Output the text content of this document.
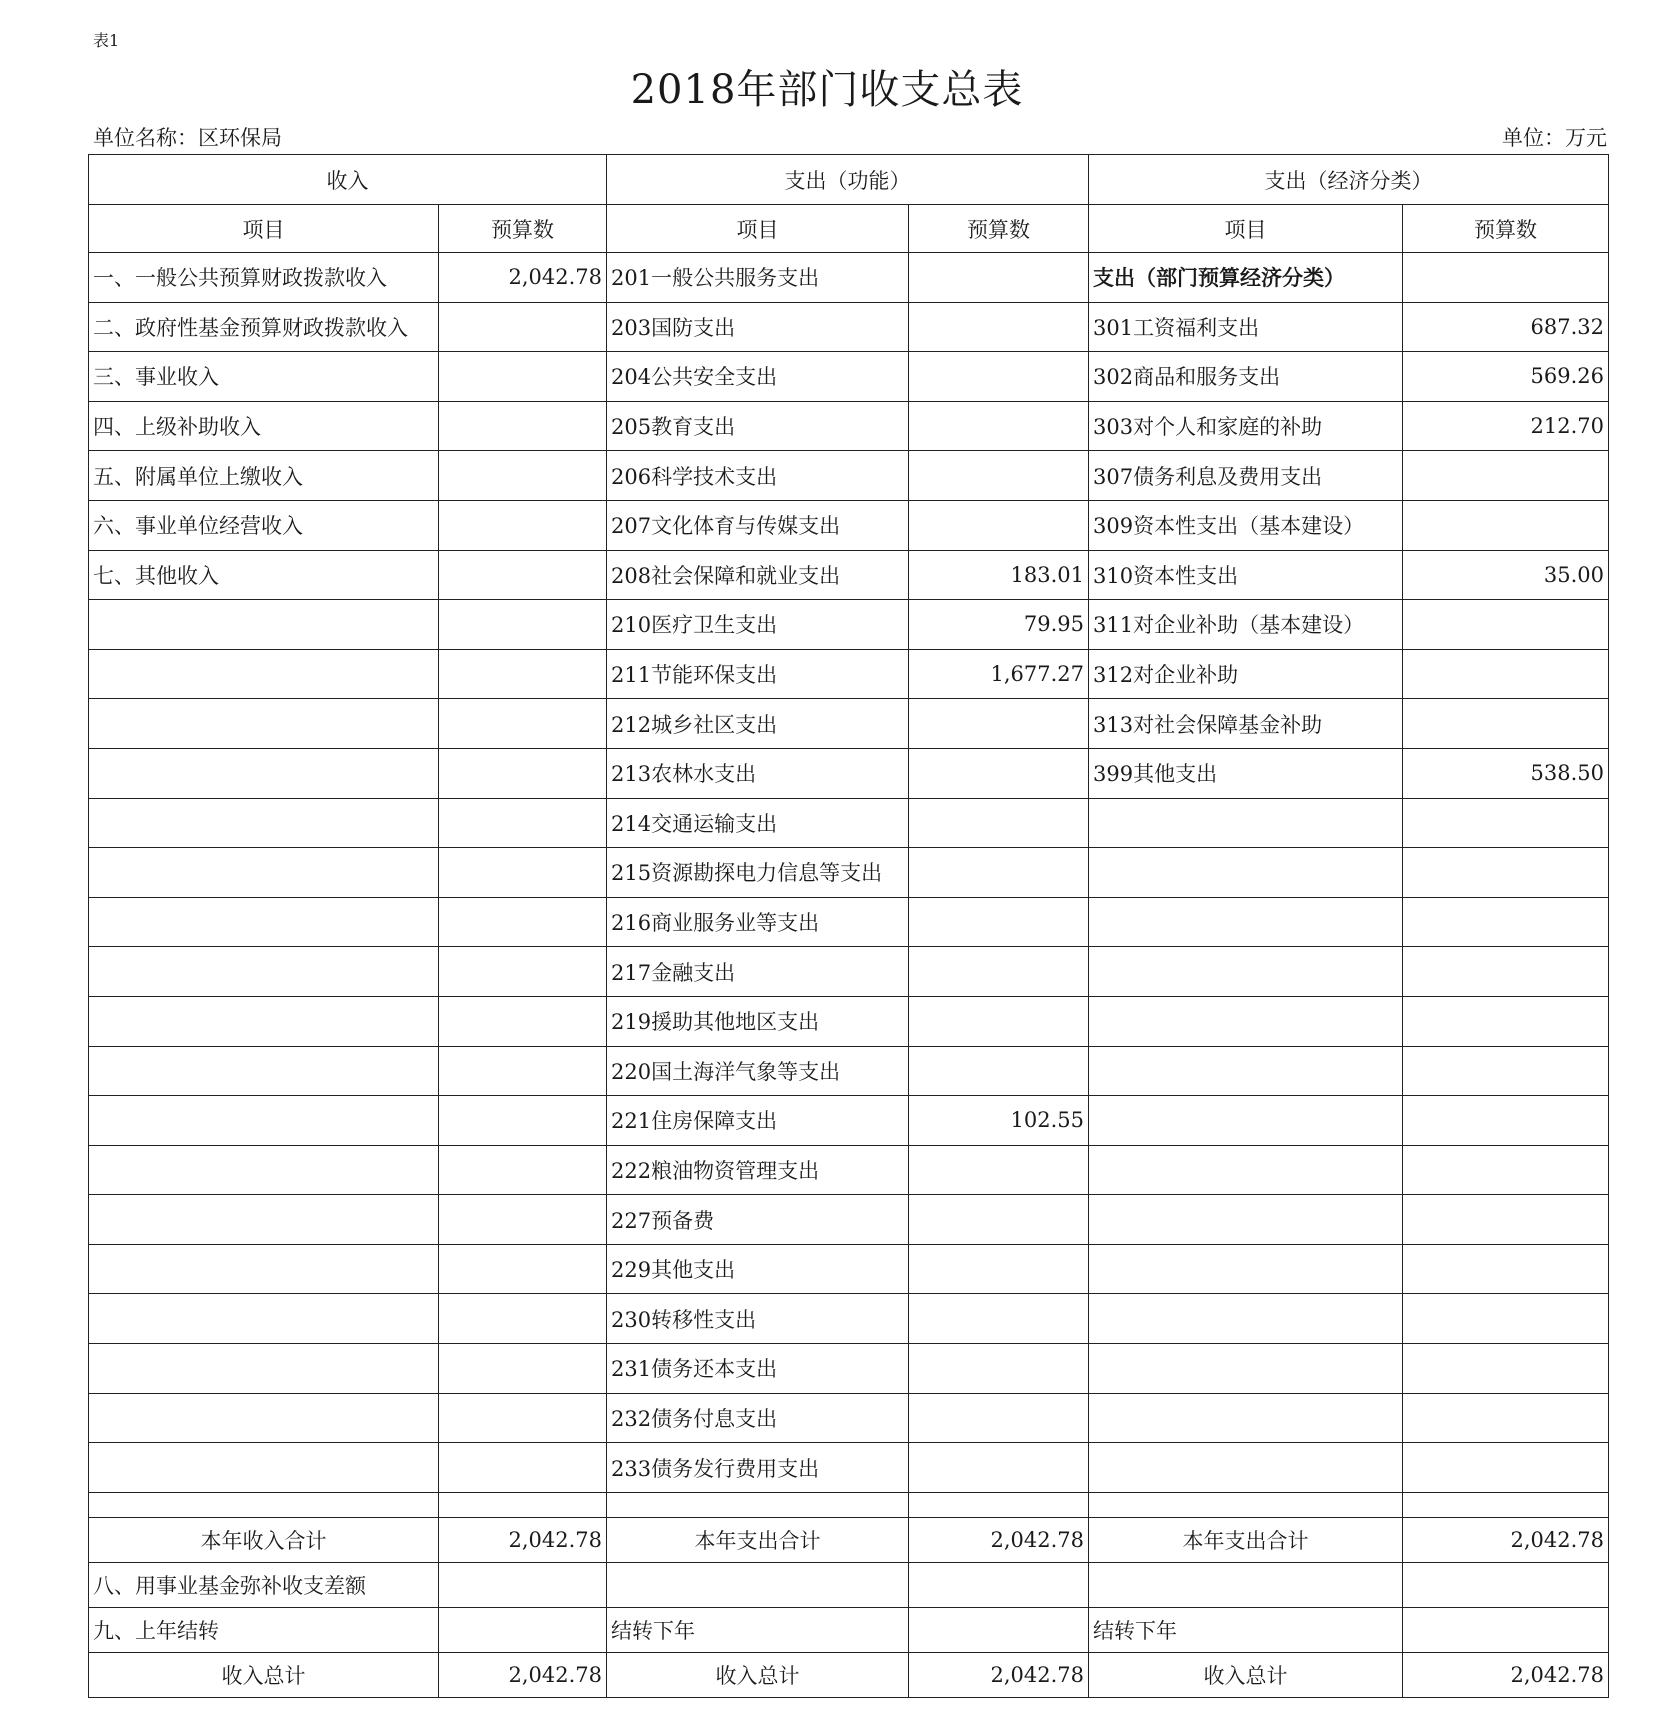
表1
2018年部门收支总表
单位名称：区环保局	单位：万元
收入		支出（功能）		支出（经济分类）	
项目	预算数	项目	预算数	项目	预算数
一、一般公共预算财政拨款收入	2,042.78	201一般公共服务支出		支出（部门预算经济分类）	
二、政府性基金预算财政拨款收入		203国防支出		301工资福利支出	687.32
三、事业收入		204公共安全支出		302商品和服务支出	569.26
四、上级补助收入		205教育支出		303对个人和家庭的补助	212.70
五、附属单位上缴收入		206科学技术支出		307债务利息及费用支出	
六、事业单位经营收入		207文化体育与传媒支出		309资本性支出（基本建设）	
七、其他收入		208社会保障和就业支出	183.01	310资本性支出	35.00
		210医疗卫生支出	79.95	311对企业补助（基本建设）	
		211节能环保支出	1,677.27	312对企业补助	
		212城乡社区支出		313对社会保障基金补助	
		213农林水支出		399其他支出	538.50
		214交通运输支出			
		215资源勘探电力信息等支出			
		216商业服务业等支出			
		217金融支出			
		219援助其他地区支出			
		220国土海洋气象等支出			
		221住房保障支出	102.55		
		222粮油物资管理支出			
		227预备费			
		229其他支出			
		230转移性支出			
		231债务还本支出			
		232债务付息支出			
		233债务发行费用支出			

本年收入合计	2,042.78	本年支出合计	2,042.78	本年支出合计	2,042.78
八、用事业基金弥补收支差额					
九、上年结转		结转下年		结转下年	
收入总计	2,042.78	收入总计	2,042.78	收入总计	2,042.78
